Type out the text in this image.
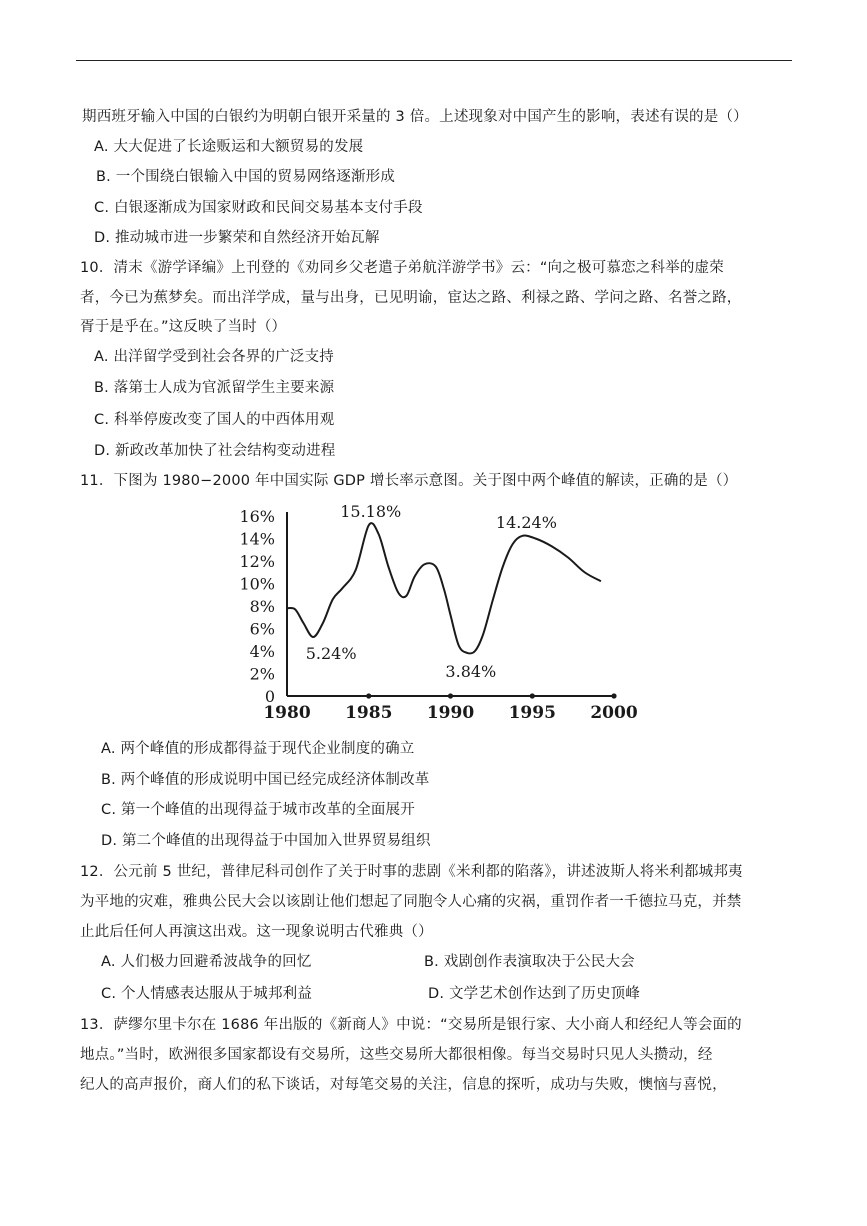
期西班牙输入中国的白银约为明朝白银开采量的 3 倍。上述现象对中国产生的影响，表述有误的是（）
A. 大大促进了长途贩运和大额贸易的发展
B. 一个围绕白银输入中国的贸易网络逐渐形成
C. 白银逐渐成为国家财政和民间交易基本支付手段
D. 推动城市进一步繁荣和自然经济开始瓦解
10．清末《游学译编》上刊登的《劝同乡父老遣子弟航洋游学书》云：“向之极可慕恋之科举的虚荣
者，今已为蕉梦矣。而出洋学成，量与出身，已见明谕，宦达之路、利禄之路、学问之路、名誉之路，
胥于是乎在。”这反映了当时（）
A. 出洋留学受到社会各界的广泛支持
B. 落第士人成为官派留学生主要来源
C. 科举停废改变了国人的中西体用观
D. 新政改革加快了社会结构变动进程
11．下图为 1980−2000 年中国实际 GDP 增长率示意图。关于图中两个峰值的解读，正确的是（）
0
2%
4%
6%
8%
10%
12%
14%
16%
1980 1985 1990 1995 2000
15.18%
14.24%
5.24%
3.84%
A. 两个峰值的形成都得益于现代企业制度的确立
B. 两个峰值的形成说明中国已经完成经济体制改革
C. 第一个峰值的出现得益于城市改革的全面展开
D. 第二个峰值的出现得益于中国加入世界贸易组织
12．公元前 5 世纪，普律尼科司创作了关于时事的悲剧《米利都的陷落》，讲述波斯人将米利都城邦夷
为平地的灾难，雅典公民大会以该剧让他们想起了同胞令人心痛的灾祸，重罚作者一千德拉马克，并禁
止此后任何人再演这出戏。这一现象说明古代雅典（）
A. 人们极力回避希波战争的回忆	B. 戏剧创作表演取决于公民大会
C. 个人情感表达服从于城邦利益	D. 文学艺术创作达到了历史顶峰
13．萨缪尔里卡尔在 1686 年出版的《新商人》中说：“交易所是银行家、大小商人和经纪人等会面的
地点。”当时，欧洲很多国家都设有交易所，这些交易所大都很相像。每当交易时只见人头攒动，经
纪人的高声报价，商人们的私下谈话，对每笔交易的关注，信息的探听，成功与失败，懊恼与喜悦，
